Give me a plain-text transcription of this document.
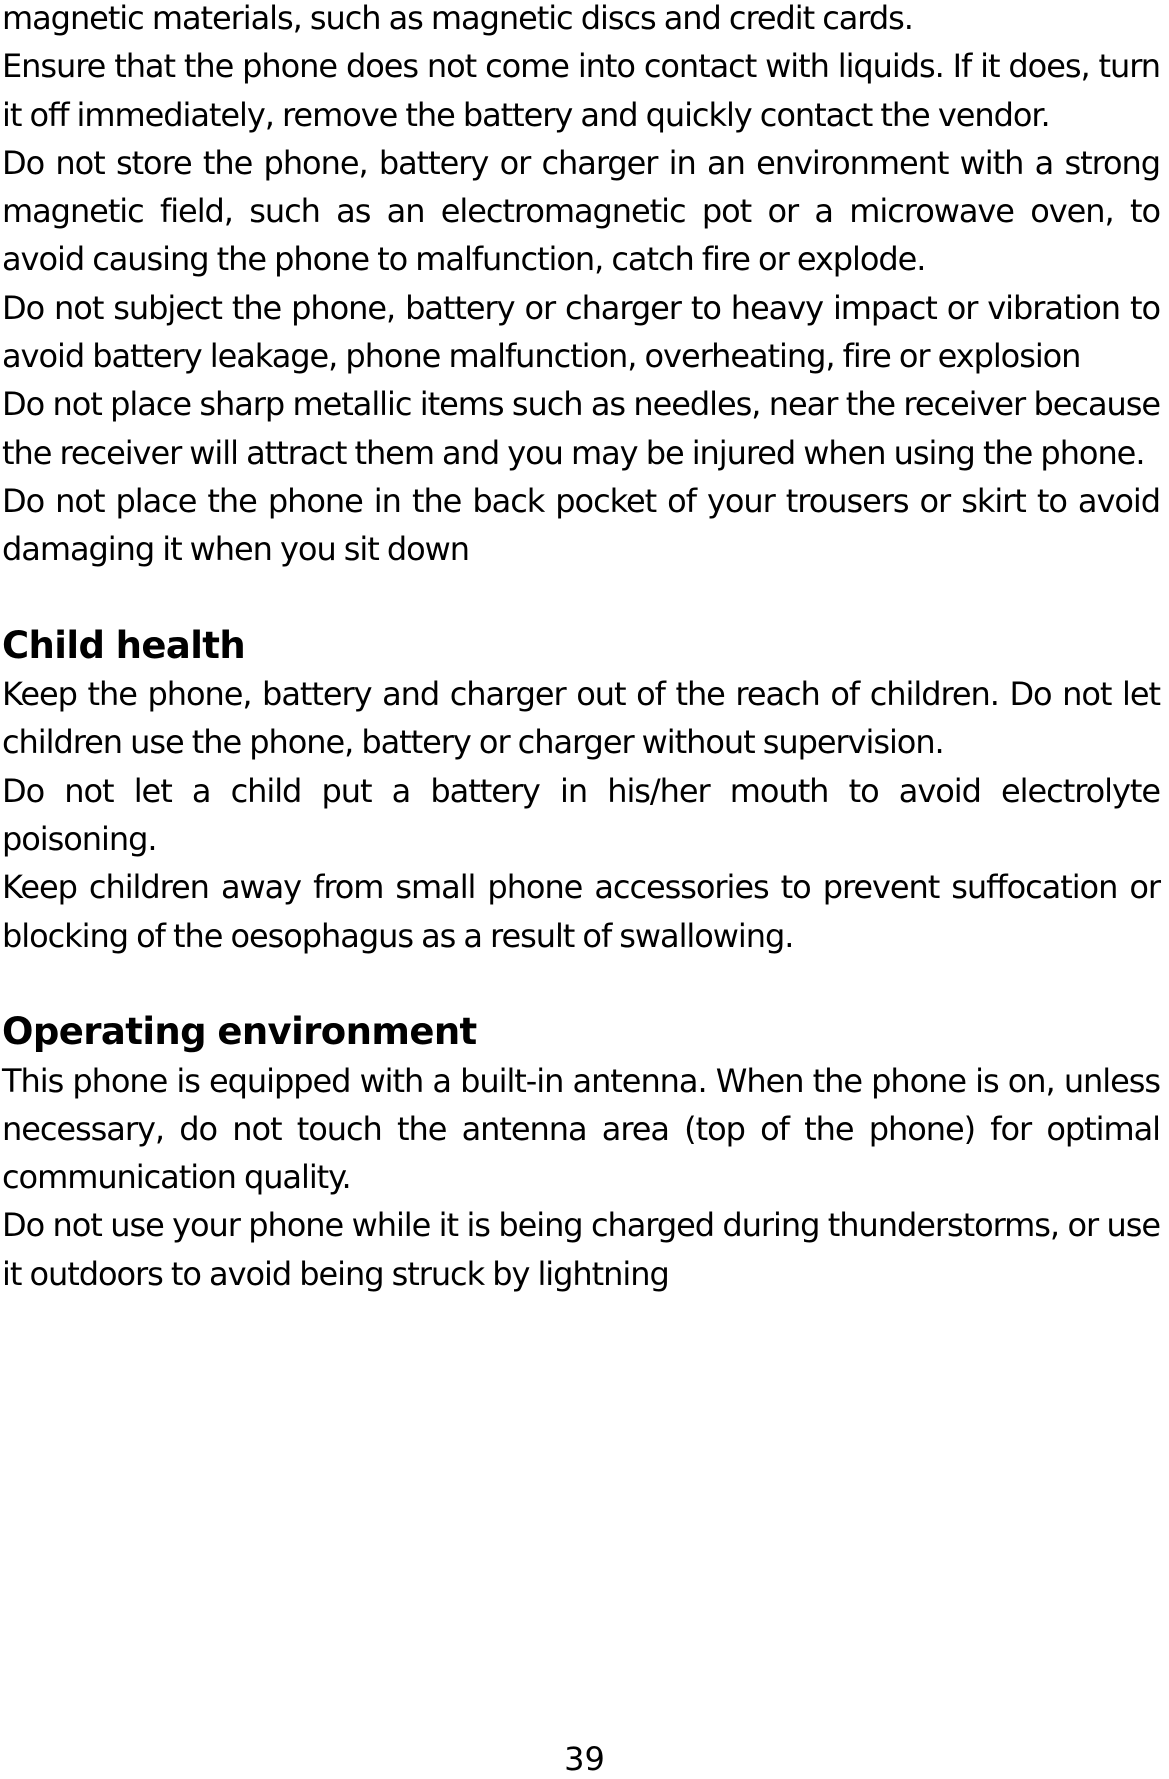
magnetic materials, such as magnetic discs and credit cards.

Ensure that the phone does not come into contact with liquids. If it does, turn it off immediately, remove the battery and quickly contact the vendor.

Do not store the phone, battery or charger in an environment with a strong magnetic field, such as an electromagnetic pot or a microwave oven, to avoid causing the phone to malfunction, catch fire or explode.

Do not subject the phone, battery or charger to heavy impact or vibration to avoid battery leakage, phone malfunction, overheating, fire or explosion

Do not place sharp metallic items such as needles, near the receiver because the receiver will attract them and you may be injured when using the phone.

Do not place the phone in the back pocket of your trousers or skirt to avoid damaging it when you sit down

Child health

Keep the phone, battery and charger out of the reach of children. Do not let children use the phone, battery or charger without supervision.

Do not let a child put a battery in his/her mouth to avoid electrolyte poisoning.

Keep children away from small phone accessories to prevent suffocation or blocking of the oesophagus as a result of swallowing.

Operating environment

This phone is equipped with a built-in antenna. When the phone is on, unless necessary, do not touch the antenna area (top of the phone) for optimal communication quality.

Do not use your phone while it is being charged during thunderstorms, or use it outdoors to avoid being struck by lightning

39
